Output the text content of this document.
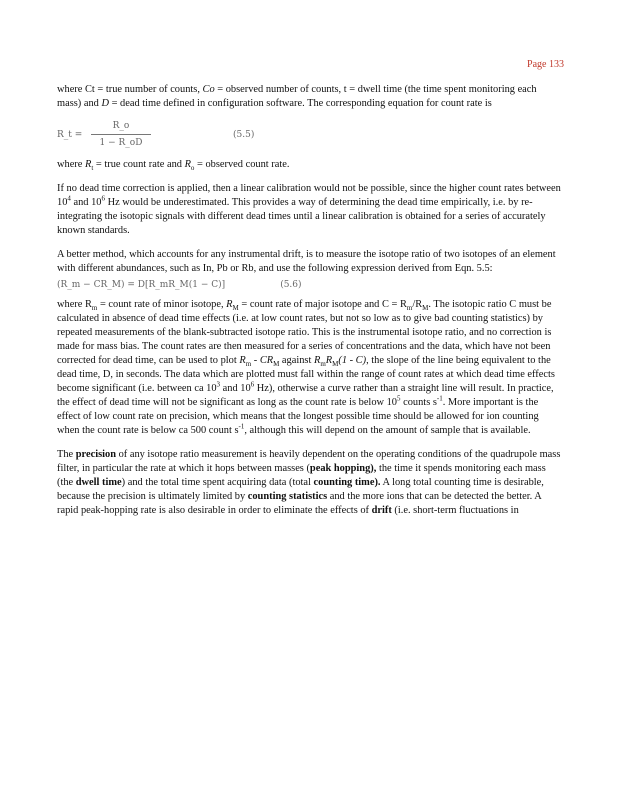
Page 133

where Ct = true number of counts, Co = observed number of counts, t = dwell time (the time spent monitoring each mass) and D = dead time defined in configuration software. The corresponding equation for count rate is

R_t = $\frac{R\_o}{1 - R\_oD}$	(5.5)

where $R_t$ = true count rate and $R_o$ = observed count rate.

If no dead time correction is applied, then a linear calibration would not be possible, since the higher count rates between $10^4$ and $10^6$ Hz would be underestimated. This provides a way of determining the dead time empirically, i.e. by re-integrating the isotopic signals with different dead times until a linear calibration is obtained for a series of accurately known standards.

A better method, which accounts for any instrumental drift, is to measure the isotope ratio of two isotopes of an element with different abundances, such as In, Pb or Rb, and use the following expression derived from Eqn. 5.5:

(R_m − CR_M) = D[R_mR_M(1 − C)]	(5.6)

where $R_m$ = count rate of minor isotope, $R_M$ = count rate of major isotope and $C = R_m/R_M$. The isotopic ratio C must be calculated in absence of dead time effects (i.e. at low count rates, but not so low as to give bad counting statistics) by repeated measurements of the blank-subtracted isotope ratio. This is the instrumental isotope ratio, and no correction is made for mass bias. The count rates are then measured for a series of concentrations and the data, which have not been corrected for dead time, can be used to plot $R_m - CR_M$ against $R_mR_M(1 - C)$, the slope of the line being equivalent to the dead time, D, in seconds. The data which are plotted must fall within the range of count rates at which dead time effects become significant (i.e. between ca $10^3$ and $10^6$ Hz), otherwise a curve rather than a straight line will result. In practice, the effect of dead time will not be significant as long as the count rate is below $10^5$ counts $s^{-1}$. More important is the effect of low count rate on precision, which means that the longest possible time should be allowed for ion counting when the count rate is below ca 500 count $s^{-1}$, although this will depend on the amount of sample that is available.

The precision of any isotope ratio measurement is heavily dependent on the operating conditions of the quadrupole mass filter, in particular the rate at which it hops between masses (peak hopping), the time it spends monitoring each mass (the dwell time) and the total time spent acquiring data (total counting time). A long total counting time is desirable, because the precision is ultimately limited by counting statistics and the more ions that can be detected the better. A rapid peak-hopping rate is also desirable in order to eliminate the effects of drift (i.e. short-term fluctuations in
